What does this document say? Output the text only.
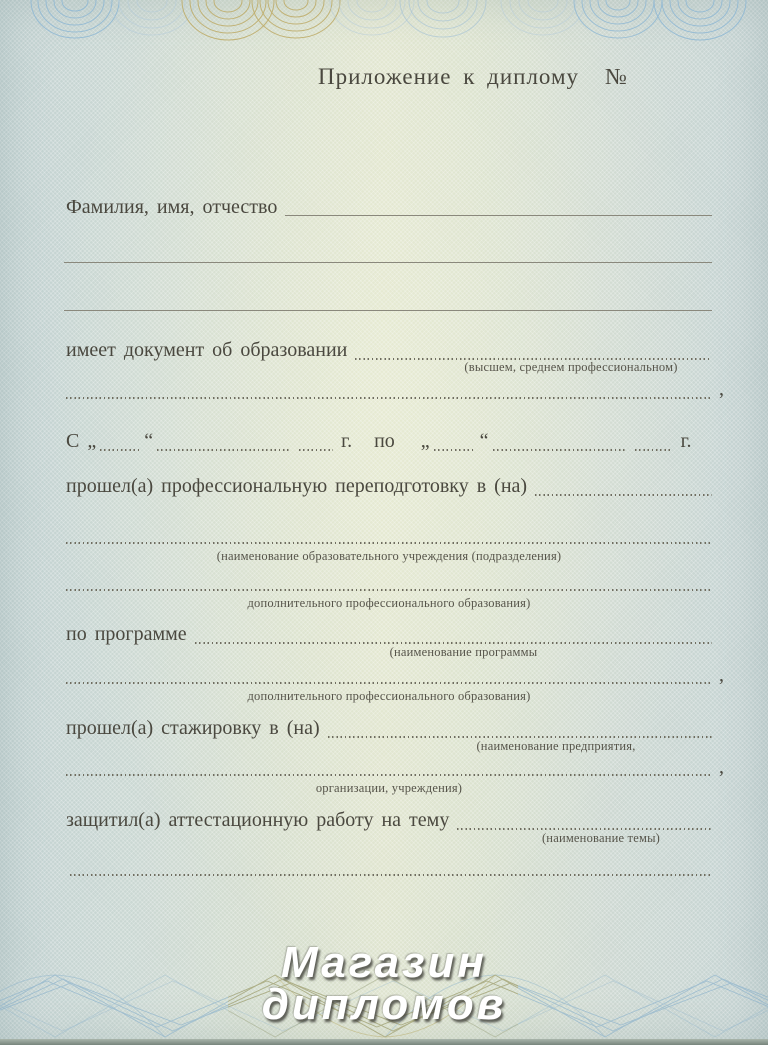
Приложение к диплому №
Фамилия, имя, отчество
имеет документ об образовании
(высшем, среднем профессиональном)
,
С „ “	г. по „	“	г.
прошел(а) профессиональную переподготовку в (на)
(наименование образовательного учреждения (подразделения)
дополнительного профессионального образования)
по программе
(наименование программы
,
дополнительного профессионального образования)
прошел(а) стажировку в (на)
(наименование предприятия,
,
организации, учреждения)
защитил(а) аттестационную работу на тему
(наименование темы)
Магазин
дипломов
